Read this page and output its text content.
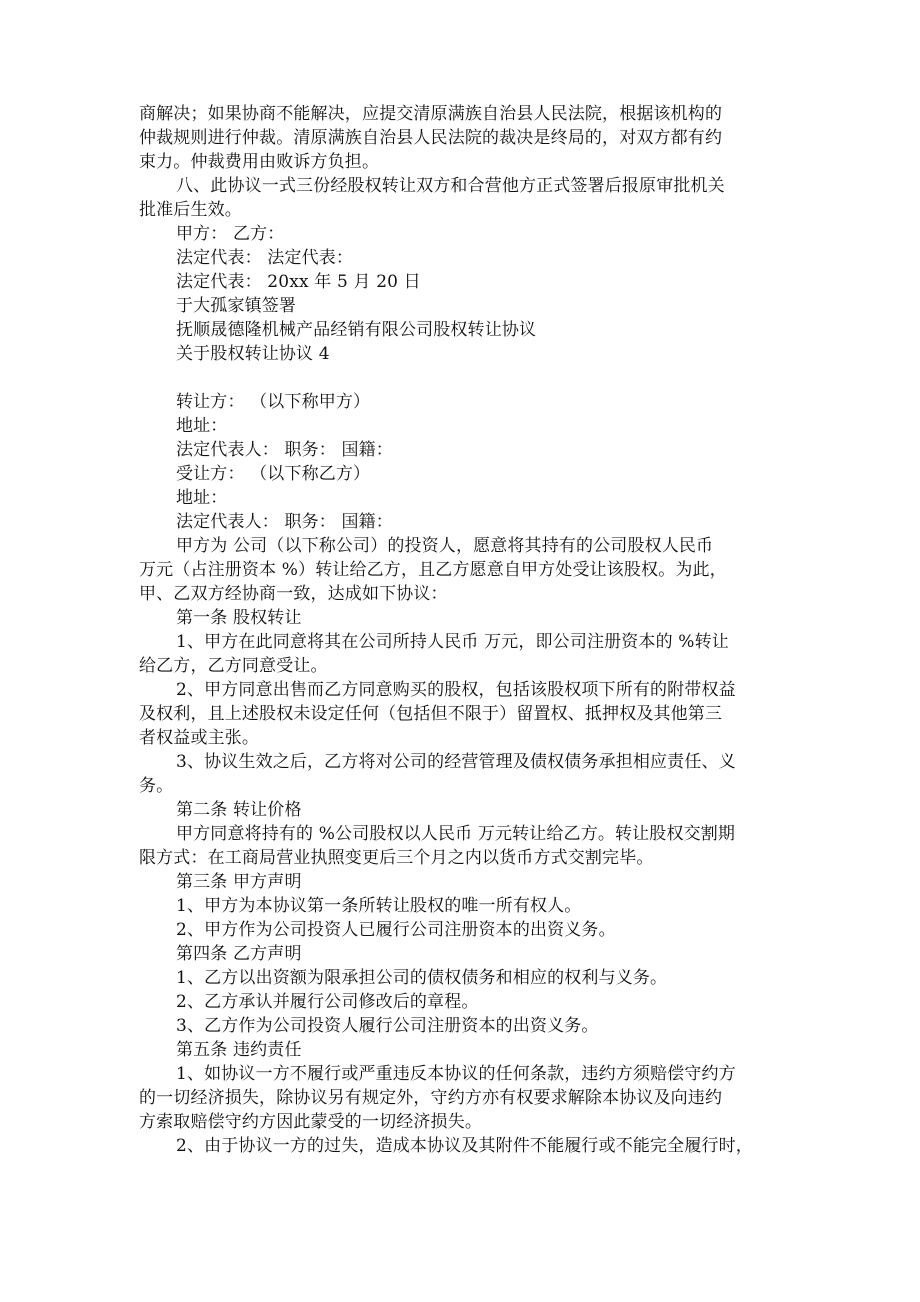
商解决；如果协商不能解决，应提交清原满族自治县人民法院，根据该机构的
仲裁规则进行仲裁。清原满族自治县人民法院的裁决是终局的，对双方都有约
束力。仲裁费用由败诉方负担。
八、此协议一式三份经股权转让双方和合营他方正式签署后报原审批机关
批准后生效。
甲方： 乙方：
法定代表： 法定代表：
法定代表： 20xx 年 5 月 20 日
于大孤家镇签署
抚顺晟德隆机械产品经销有限公司股权转让协议
关于股权转让协议 4
转让方： （以下称甲方）
地址：
法定代表人： 职务： 国籍：
受让方： （以下称乙方）
地址：
法定代表人： 职务： 国籍：
甲方为 公司（以下称公司）的投资人，愿意将其持有的公司股权人民币
万元（占注册资本 %）转让给乙方，且乙方愿意自甲方处受让该股权。为此，
甲、乙双方经协商一致，达成如下协议：
第一条 股权转让
1、甲方在此同意将其在公司所持人民币 万元，即公司注册资本的 %转让
给乙方，乙方同意受让。
2、甲方同意出售而乙方同意购买的股权，包括该股权项下所有的附带权益
及权利，且上述股权未设定任何（包括但不限于）留置权、抵押权及其他第三
者权益或主张。
3、协议生效之后，乙方将对公司的经营管理及债权债务承担相应责任、义
务。
第二条 转让价格
甲方同意将持有的 %公司股权以人民币 万元转让给乙方。转让股权交割期
限方式：在工商局营业执照变更后三个月之内以货币方式交割完毕。
第三条 甲方声明
1、甲方为本协议第一条所转让股权的唯一所有权人。
2、甲方作为公司投资人已履行公司注册资本的出资义务。
第四条 乙方声明
1、乙方以出资额为限承担公司的债权债务和相应的权利与义务。
2、乙方承认并履行公司修改后的章程。
3、乙方作为公司投资人履行公司注册资本的出资义务。
第五条 违约责任
1、如协议一方不履行或严重违反本协议的任何条款，违约方须赔偿守约方
的一切经济损失，除协议另有规定外，守约方亦有权要求解除本协议及向违约
方索取赔偿守约方因此蒙受的一切经济损失。
2、由于协议一方的过失，造成本协议及其附件不能履行或不能完全履行时，
